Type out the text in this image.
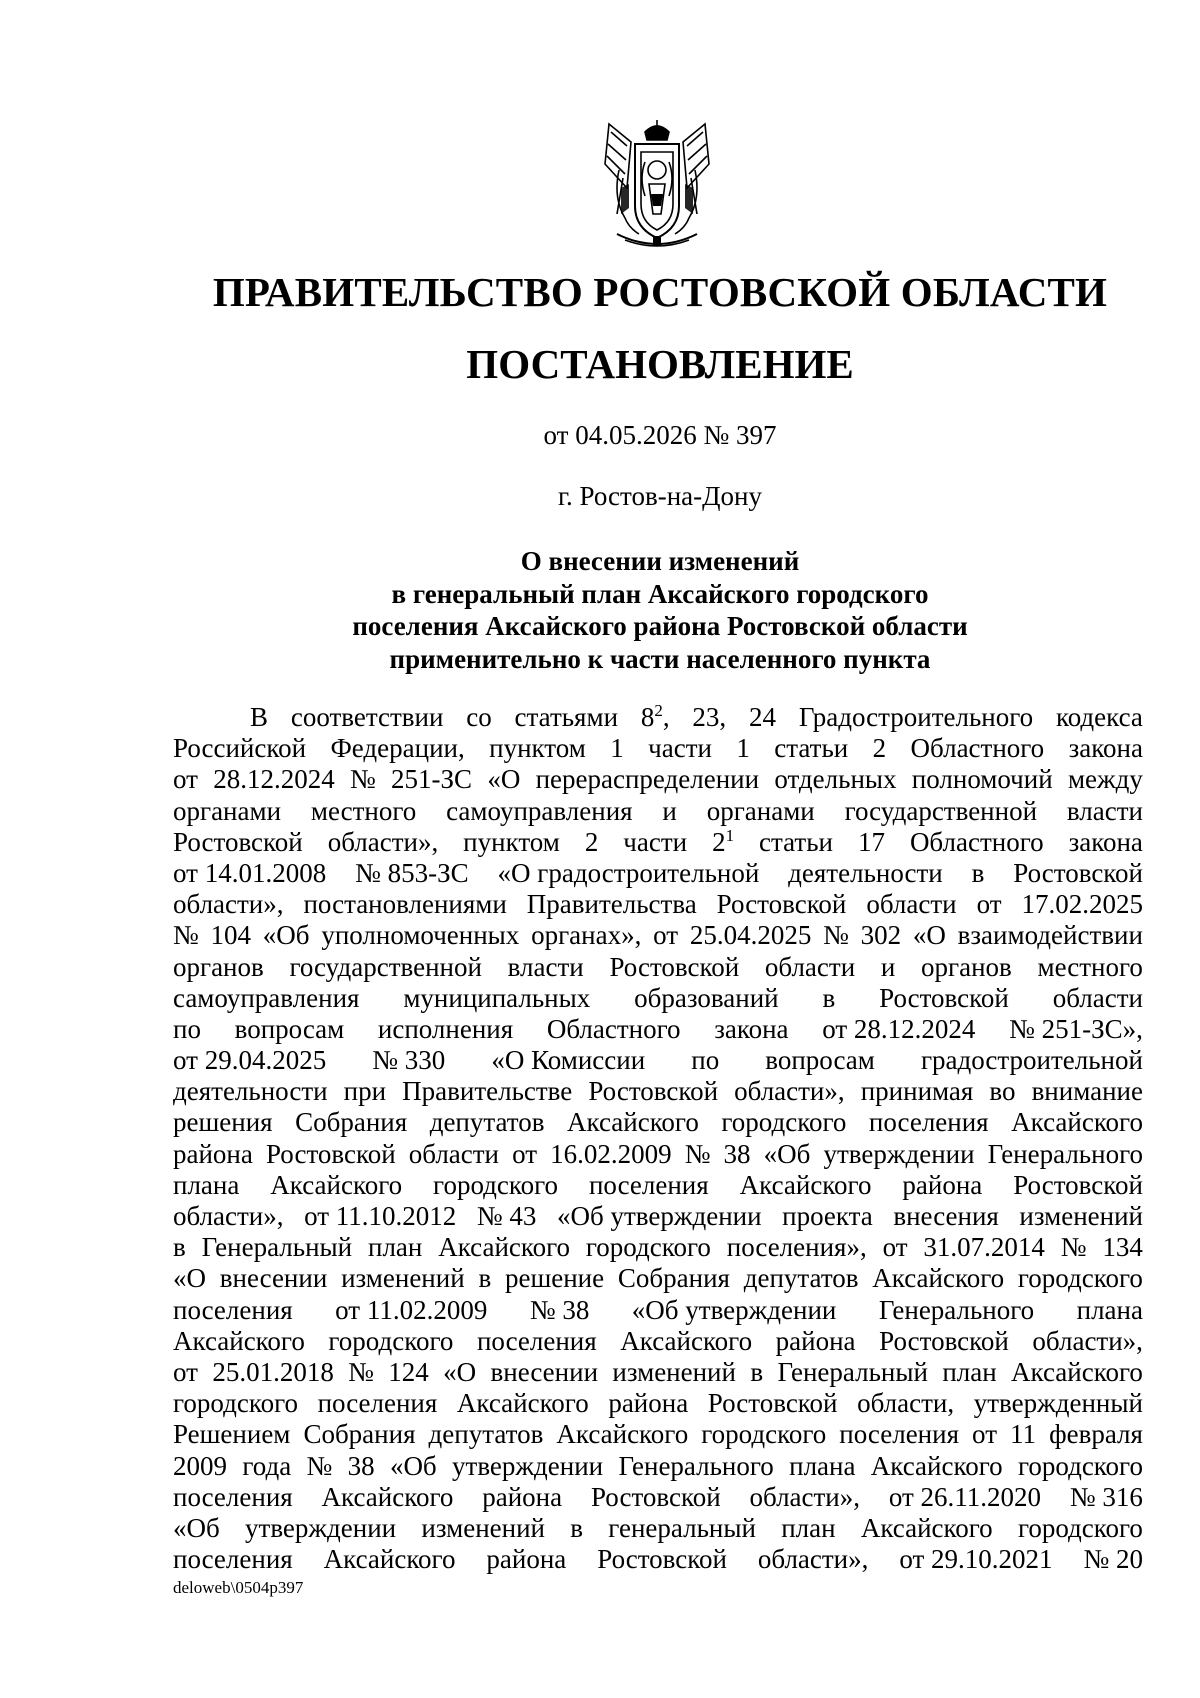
ПРАВИТЕЛЬСТВО РОСТОВСКОЙ ОБЛАСТИ
ПОСТАНОВЛЕНИЕ
от 04.05.2026 № 397
г. Ростов-на-Дону
О внесении изменений
в генеральный план Аксайского городского
поселения Аксайского района Ростовской области
применительно к части населенного пункта
В соответствии со статьями $8^2$, 23, 24 Градостроительного кодекса
Российской Федерации, пунктом 1 части 1 статьи 2 Областного закона
от 28.12.2024 № 251-ЗС «О перераспределении отдельных полномочий между
органами местного самоуправления и органами государственной власти
Ростовской области», пунктом 2 части $2^1$ статьи 17 Областного закона
от 14.01.2008 № 853-ЗС «О градостроительной деятельности в Ростовской
области», постановлениями Правительства Ростовской области от 17.02.2025
№ 104 «Об уполномоченных органах», от 25.04.2025 № 302 «О взаимодействии
органов государственной власти Ростовской области и органов местного
самоуправления муниципальных образований в Ростовской области
по вопросам исполнения Областного закона от 28.12.2024 № 251-ЗС»,
от 29.04.2025 № 330 «О Комиссии по вопросам градостроительной
деятельности при Правительстве Ростовской области», принимая во внимание
решения Собрания депутатов Аксайского городского поселения Аксайского
района Ростовской области от 16.02.2009 № 38 «Об утверждении Генерального
плана Аксайского городского поселения Аксайского района Ростовской
области», от 11.10.2012 № 43 «Об утверждении проекта внесения изменений
в Генеральный план Аксайского городского поселения», от 31.07.2014 № 134
«О внесении изменений в решение Собрания депутатов Аксайского городского
поселения от 11.02.2009 № 38 «Об утверждении Генерального плана
Аксайского городского поселения Аксайского района Ростовской области»,
от 25.01.2018 № 124 «О внесении изменений в Генеральный план Аксайского
городского поселения Аксайского района Ростовской области, утвержденный
Решением Собрания депутатов Аксайского городского поселения от 11 февраля
2009 года № 38 «Об утверждении Генерального плана Аксайского городского
поселения Аксайского района Ростовской области», от 26.11.2020 № 316
«Об утверждении изменений в генеральный план Аксайского городского
поселения Аксайского района Ростовской области», от 29.10.2021 № 20
deloweb\0504p397
